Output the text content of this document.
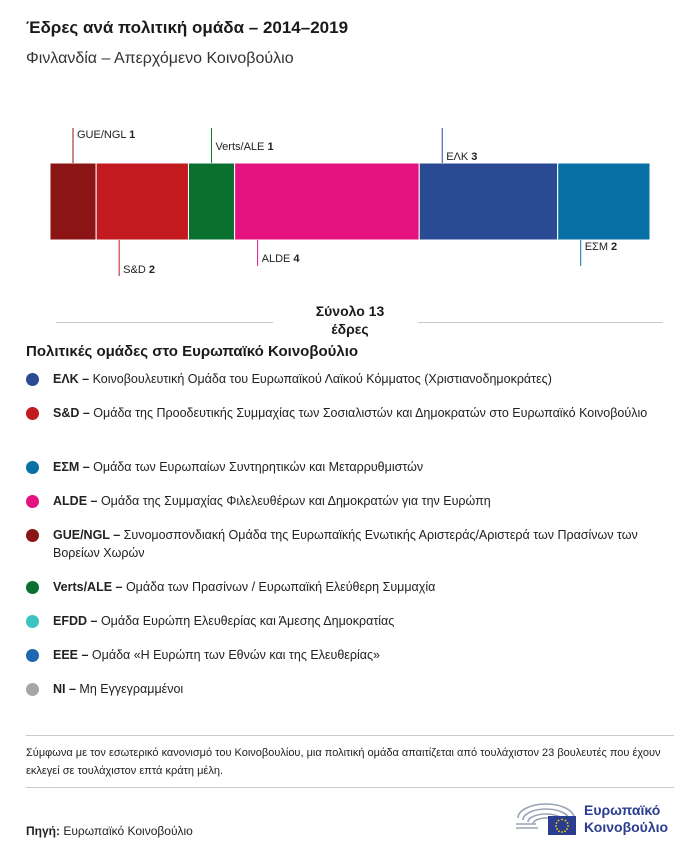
Έδρες ανά πολιτική ομάδα – 2014–2019
Φινλανδία – Απερχόμενο Κοινοβούλιο
GUE/NGL 1
S&D 2
Verts/ALE 1
ALDE 4
ΕΛΚ 3
ΕΣΜ 2
Σύνολο 13 έδρες
Πολιτικές ομάδες στο Ευρωπαϊκό Κοινοβούλιο
ΕΛΚ – Κοινοβουλευτική Ομάδα του Ευρωπαϊκού Λαϊκού Κόμματος (Χριστιανοδημοκράτες)
S&D – Ομάδα της Προοδευτικής Συμμαχίας των Σοσιαλιστών και Δημοκρατών στο Ευρωπαϊκό Κοινοβούλιο
ΕΣΜ – Ομάδα των Ευρωπαίων Συντηρητικών και Μεταρρυθμιστών
ALDE – Ομάδα της Συμμαχίας Φιλελευθέρων και Δημοκρατών για την Ευρώπη
GUE/NGL – Συνομοσπονδιακή Ομάδα της Ευρωπαϊκής Ενωτικής Αριστεράς/Αριστερά των Πρασίνων των Βορείων Χωρών
Verts/ALE – Ομάδα των Πρασίνων / Ευρωπαϊκή Ελεύθερη Συμμαχία
EFDD – Ομάδα Ευρώπη Ελευθερίας και Άμεσης Δημοκρατίας
ΕΕΕ – Ομάδα «Η Ευρώπη των Εθνών και της Ελευθερίας»
NI – Μη Εγγεγραμμένοι
Σύμφωνα με τον εσωτερικό κανονισμό του Κοινοβουλίου, μια πολιτική ομάδα απαιτίζεται από τουλάχιστον 23 βουλευτές που έχουν εκλεγεί σε τουλάχιστον επτά κράτη μέλη.
Πηγή: Ευρωπαϊκό Κοινοβούλιο
Ευρωπαϊκό
Κοινοβούλιο
